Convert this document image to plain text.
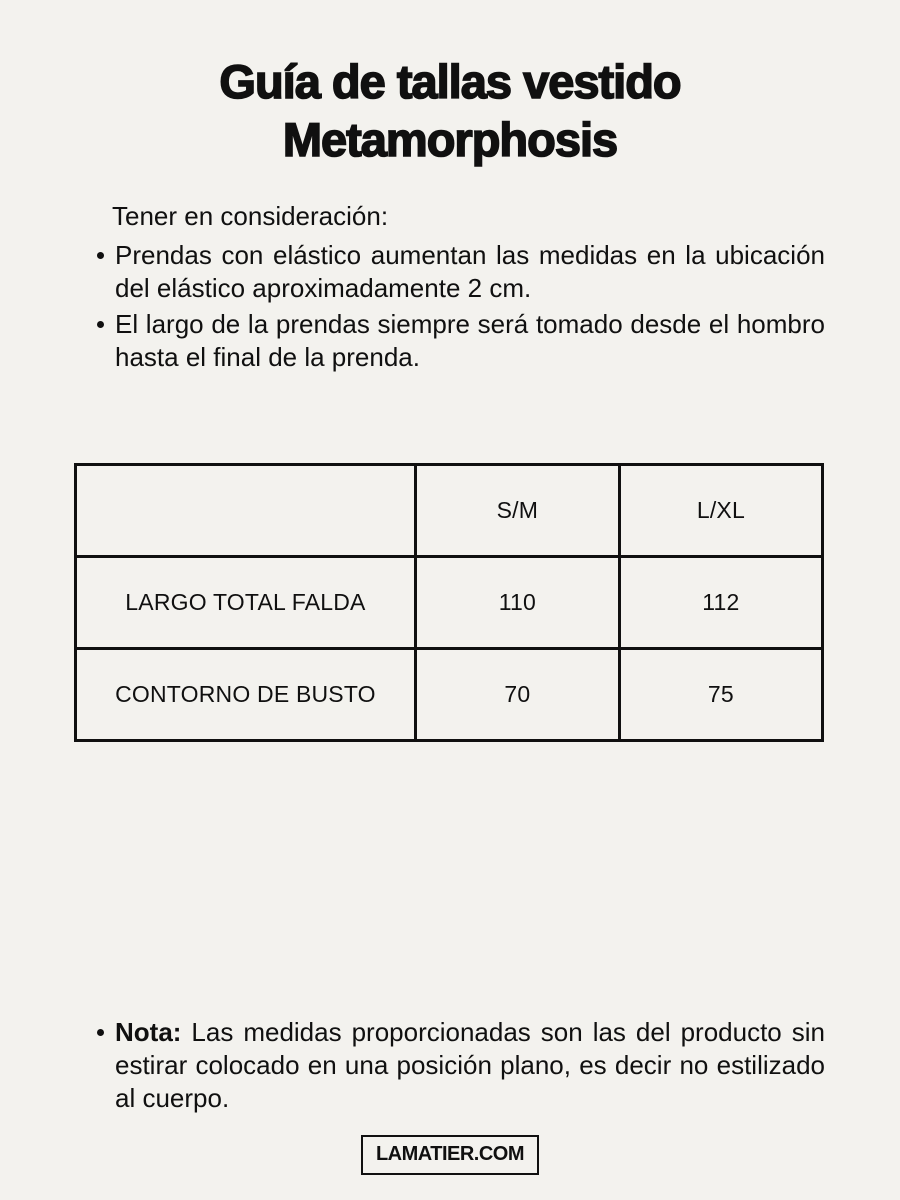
Guía de tallas vestido
Metamorphosis

Tener en consideración:

Prendas con elástico aumentan las medidas en la ubicación del elástico aproximadamente 2 cm.
El largo de la prendas siempre será tomado desde el hombro hasta el final de la prenda.
	S/M	L/XL
LARGO TOTAL FALDA	110	112
CONTORNO DE BUSTO	70	75
Nota: Las medidas proporcionadas son las del producto sin estirar colocado en una posición plano, es decir no estilizado al cuerpo.
LAMATIER.COM
